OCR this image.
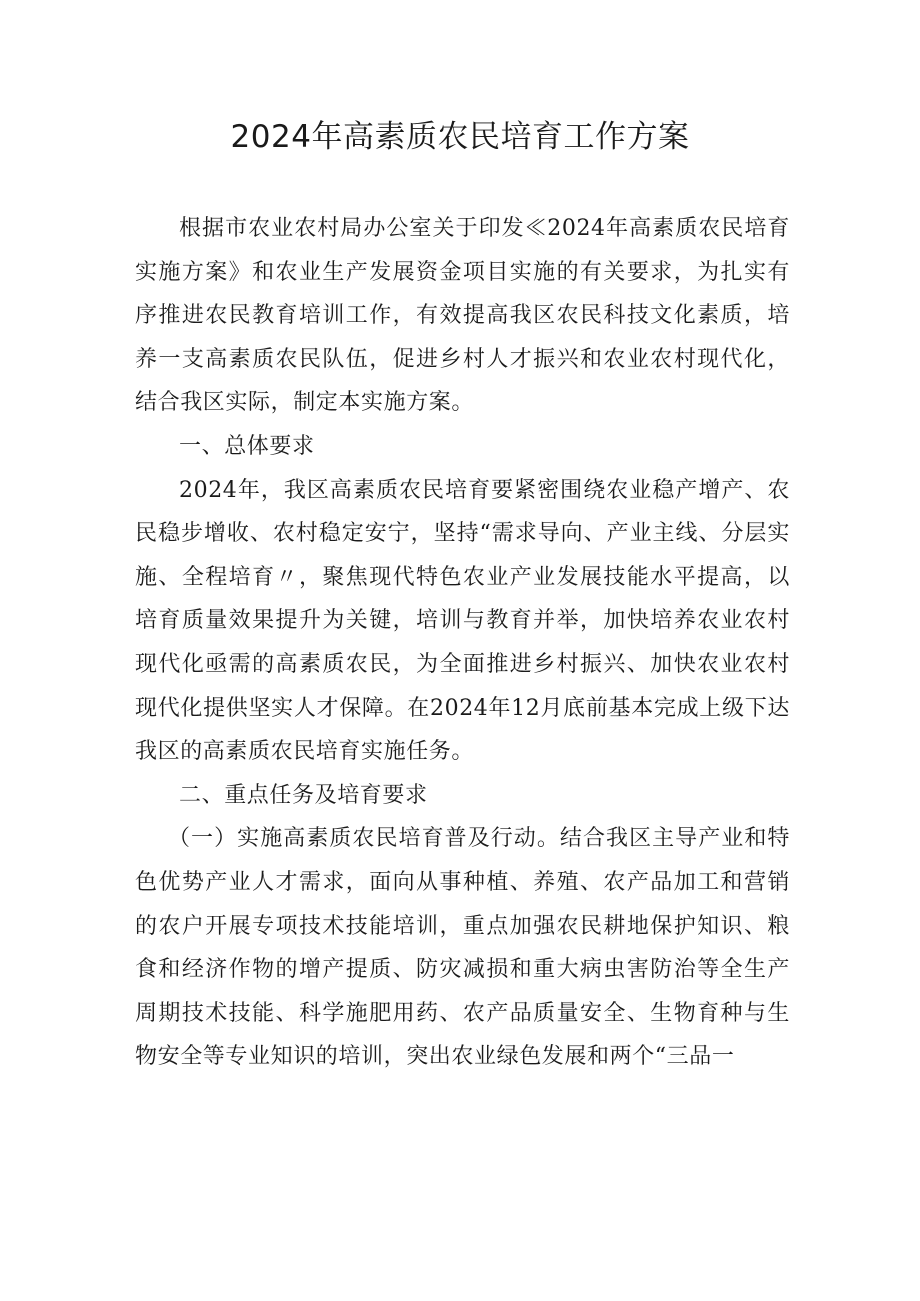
2024年高素质农民培育工作方案

根据市农业农村局办公室关于印发≪2024年高素质农民培育实施方案》和农业生产发展资金项目实施的有关要求，为扎实有序推进农民教育培训工作，有效提高我区农民科技文化素质，培养一支高素质农民队伍，促进乡村人才振兴和农业农村现代化，结合我区实际，制定本实施方案。

一、总体要求

2024年，我区高素质农民培育要紧密围绕农业稳产增产、农民稳步增收、农村稳定安宁，坚持“需求导向、产业主线、分层实施、全程培育〃，聚焦现代特色农业产业发展技能水平提高，以培育质量效果提升为关键，培训与教育并举，加快培养农业农村现代化亟需的高素质农民，为全面推进乡村振兴、加快农业农村现代化提供坚实人才保障。在2024年12月底前基本完成上级下达我区的高素质农民培育实施任务。

二、重点任务及培育要求

（一）实施高素质农民培育普及行动。结合我区主导产业和特色优势产业人才需求，面向从事种植、养殖、农产品加工和营销的农户开展专项技术技能培训，重点加强农民耕地保护知识、粮食和经济作物的增产提质、防灾减损和重大病虫害防治等全生产周期技术技能、科学施肥用药、农产品质量安全、生物育种与生物安全等专业知识的培训，突出农业绿色发展和两个“三品一
